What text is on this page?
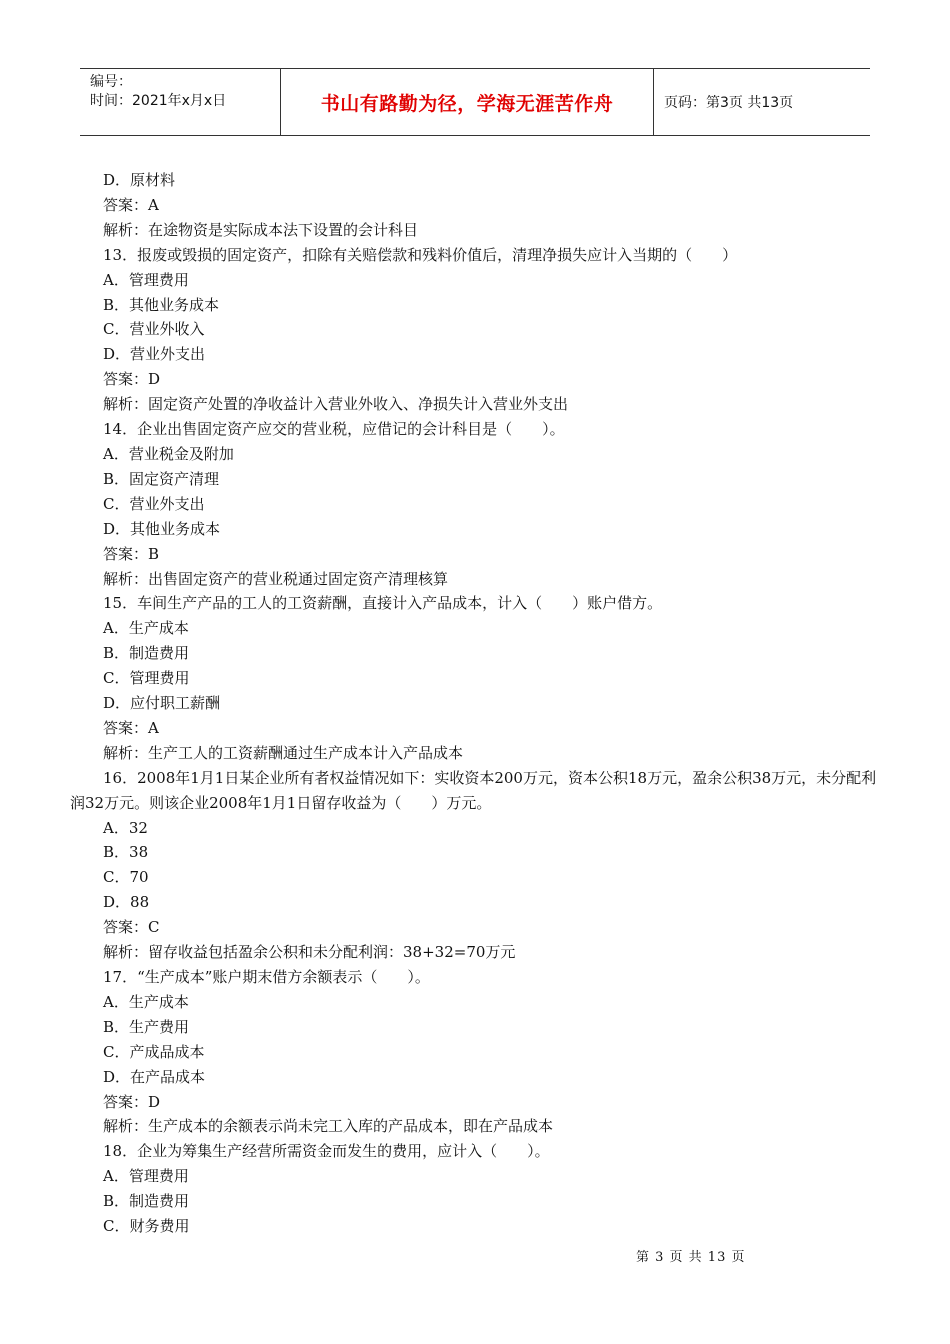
编号：
时间：2021年x月x日	书山有路勤为径，学海无涯苦作舟	页码：第3页 共13页
D．原材料
答案：A
解析：在途物资是实际成本法下设置的会计科目
13．报废或毁损的固定资产，扣除有关赔偿款和残料价值后，清理净损失应计入当期的（　　）
A．管理费用
B．其他业务成本
C．营业外收入
D．营业外支出
答案：D
解析：固定资产处置的净收益计入营业外收入、净损失计入营业外支出
14．企业出售固定资产应交的营业税，应借记的会计科目是（　　）。
A．营业税金及附加
B．固定资产清理
C．营业外支出
D．其他业务成本
答案：B
解析：出售固定资产的营业税通过固定资产清理核算
15．车间生产产品的工人的工资薪酬，直接计入产品成本，计入（　　）账户借方。
A．生产成本
B．制造费用
C．管理费用
D．应付职工薪酬
答案：A
解析：生产工人的工资薪酬通过生产成本计入产品成本
16．2008年1月1日某企业所有者权益情况如下：实收资本200万元，资本公积18万元，盈余公积38万元，未分配利润32万元。则该企业2008年1月1日留存收益为（　　）万元。
A．32
B．38
C．70
D．88
答案：C
解析：留存收益包括盈余公积和未分配利润：38+32=70万元
17．“生产成本”账户期末借方余额表示（　　）。
A．生产成本
B．生产费用
C．产成品成本
D．在产品成本
答案：D
解析：生产成本的余额表示尚未完工入库的产品成本，即在产品成本
18．企业为筹集生产经营所需资金而发生的费用，应计入（　　）。
A．管理费用
B．制造费用
C．财务费用
第 3 页 共 13 页
